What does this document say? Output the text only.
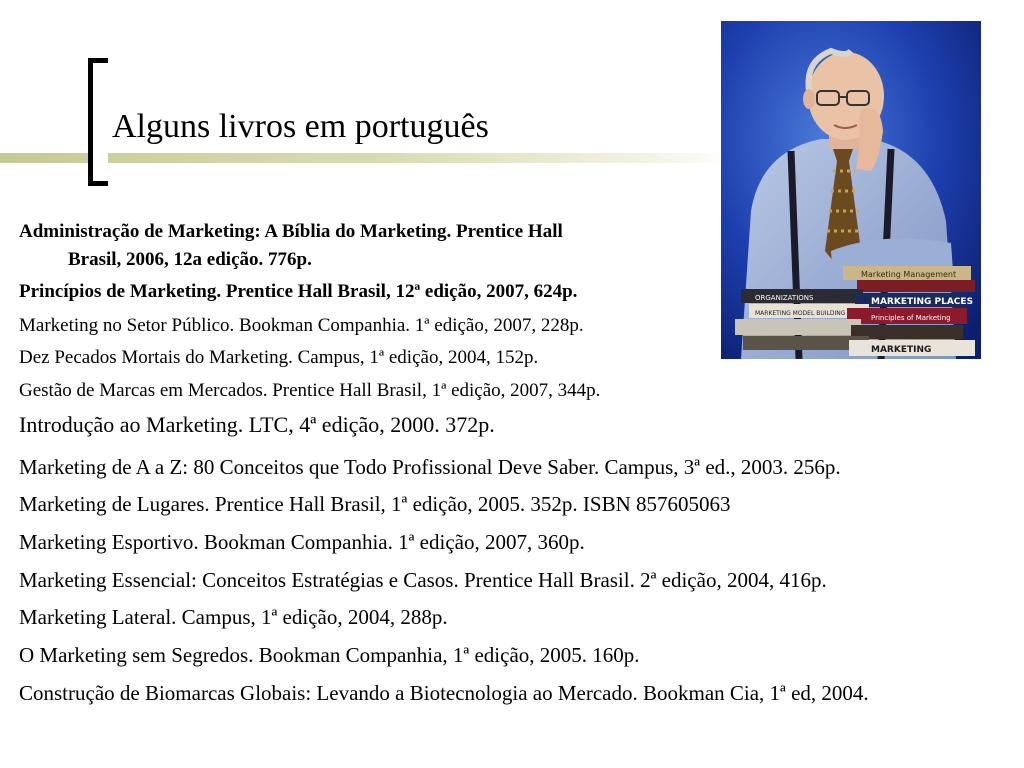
Alguns livros em português
Marketing Management
MARKETING PLACES
Principles of Marketing
ORGANIZATIONS
MARKETING MODEL BUILDING
MARKETING
Administração de Marketing: A Bíblia do Marketing. Prentice Hall
Brasil, 2006, 12a edição. 776p.
Princípios de Marketing. Prentice Hall Brasil, 12ª edição, 2007, 624p.
Marketing no Setor Público. Bookman Companhia. 1ª edição, 2007, 228p.
Dez Pecados Mortais do Marketing. Campus, 1ª edição, 2004, 152p.
Gestão de Marcas em Mercados. Prentice Hall Brasil, 1ª edição, 2007, 344p.
Introdução ao Marketing. LTC, 4ª edição, 2000. 372p.
Marketing de A a Z: 80 Conceitos que Todo Profissional Deve Saber. Campus, 3ª ed., 2003. 256p.
Marketing de Lugares. Prentice Hall Brasil, 1ª edição, 2005. 352p. ISBN 857605063
Marketing Esportivo. Bookman Companhia. 1ª edição, 2007, 360p.
Marketing Essencial: Conceitos Estratégias e Casos. Prentice Hall Brasil. 2ª edição, 2004, 416p.
Marketing Lateral. Campus, 1ª edição, 2004, 288p.
O Marketing sem Segredos. Bookman Companhia, 1ª edição, 2005. 160p.
Construção de Biomarcas Globais: Levando a Biotecnologia ao Mercado. Bookman Cia, 1ª ed, 2004.
